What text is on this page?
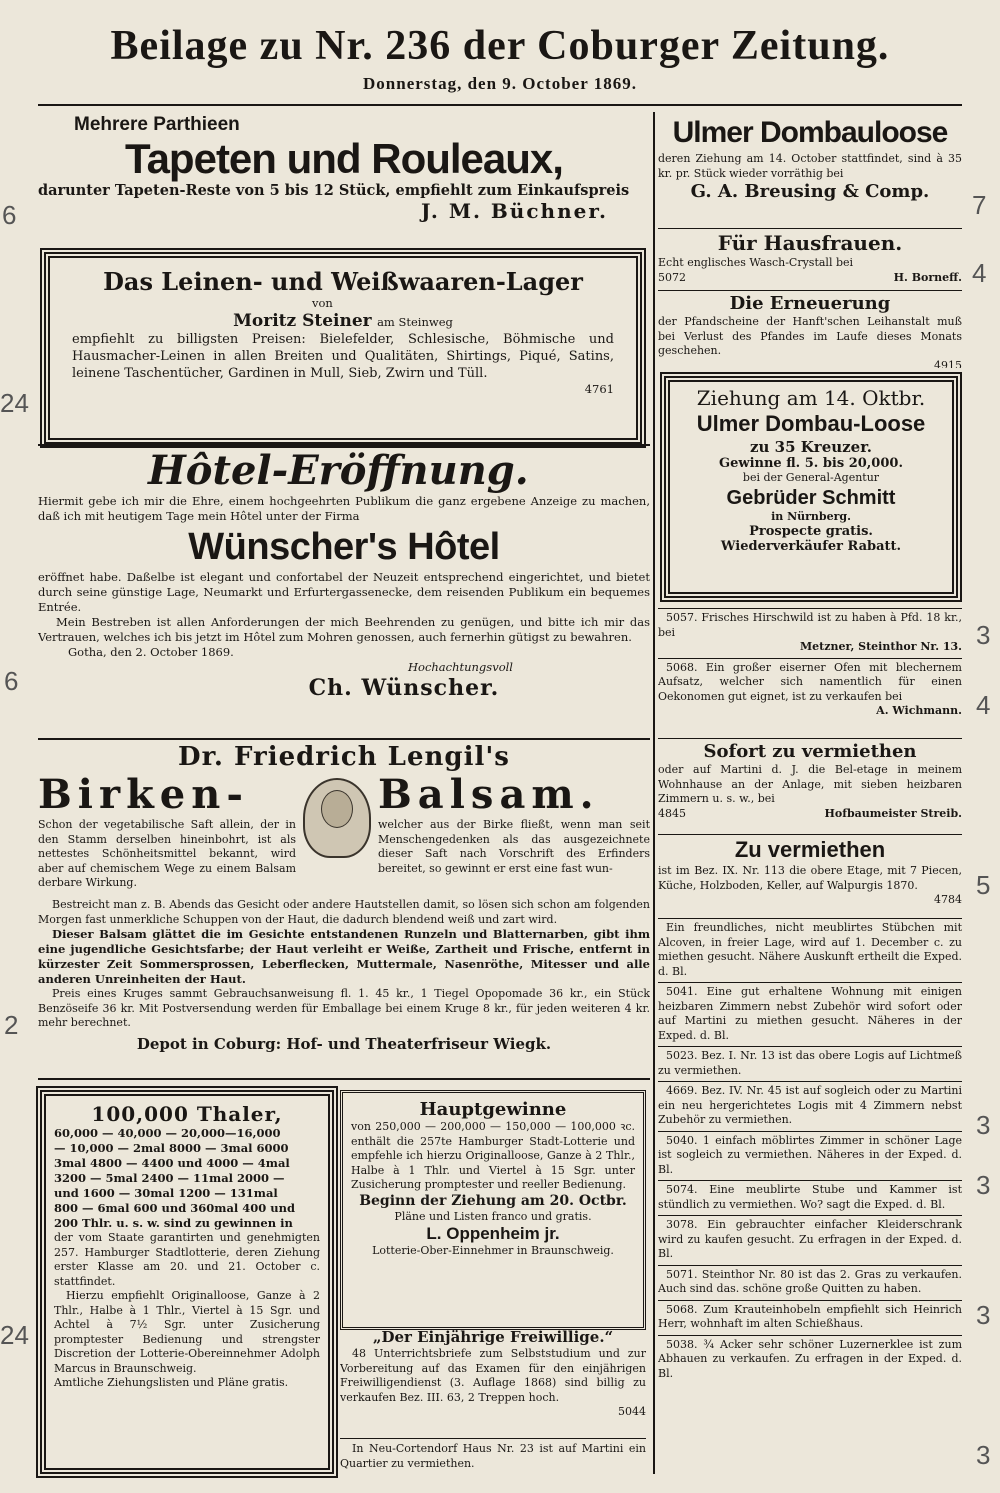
Beilage zu Nr. 236 der Coburger Zeitung.
Donnerstag, den 9. October 1869.

Mehrere Parthieen

Tapeten und Rouleaux,

darunter Tapeten-Reste von 5 bis 12 Stück, empfiehlt zum Einkaufspreis

J. M. Büchner.

Das Leinen- und Weißwaaren-Lager

von

Moritz Steiner am Steinweg

empfiehlt zu billigsten Preisen: Bielefelder, Schlesische, Böhmische und Hausmacher-Leinen in allen Breiten und Qualitäten, Shirtings, Piqué, Satins, leinene Taschentücher, Gardinen in Mull, Sieb, Zwirn und Tüll.

4761

Hôtel-Eröffnung.

Hiermit gebe ich mir die Ehre, einem hochgeehrten Publikum die ganz ergebene Anzeige zu machen, daß ich mit heutigem Tage mein Hôtel unter der Firma

Wünscher's Hôtel

eröffnet habe. Daßelbe ist elegant und confortabel der Neuzeit entsprechend eingerichtet, und bietet durch seine günstige Lage, Neumarkt und Erfurtergassenecke, dem reisenden Publikum ein bequemes Entrée.

Mein Bestreben ist allen Anforderungen der mich Beehrenden zu genügen, und bitte ich mir das Vertrauen, welches ich bis jetzt im Hôtel zum Mohren genossen, auch fernerhin gütigst zu bewahren.

Gotha, den 2. October 1869.

Hochachtungsvoll

Ch. Wünscher.

Dr. Friedrich Lengil's

Birken-

Schon der vegetabilische Saft allein, der in den Stamm derselben hineinbohrt, ist als nettestes Schönheitsmittel bekannt, wird aber auf chemischem Wege zu einem Balsam derbare Wirkung.

Balsam.

welcher aus der Birke fließt, wenn man seit Menschengedenken als das ausgezeichnete dieser Saft nach Vorschrift des Erfinders bereitet, so gewinnt er erst eine fast wun-

Bestreicht man z. B. Abends das Gesicht oder andere Hautstellen damit, so lösen sich schon am folgenden Morgen fast unmerkliche Schuppen von der Haut, die dadurch blendend weiß und zart wird.

Dieser Balsam glättet die im Gesichte entstandenen Runzeln und Blatternarben, gibt ihm eine jugendliche Gesichtsfarbe; der Haut verleiht er Weiße, Zartheit und Frische, entfernt in kürzester Zeit Sommersprossen, Leberflecken, Muttermale, Nasenröthe, Mitesser und alle anderen Unreinheiten der Haut.

Preis eines Kruges sammt Gebrauchsanweisung fl. 1. 45 kr., 1 Tiegel Opopomade 36 kr., ein Stück Benzöseife 36 kr. Mit Postversendung werden für Emballage bei einem Kruge 8 kr., für jeden weiteren 4 kr. mehr berechnet.

Depot in Coburg: Hof- und Theaterfriseur Wiegk.

100,000 Thaler,

60,000 — 40,000 — 20,000—16,000

— 10,000 — 2mal 8000 — 3mal 6000

3mal 4800 — 4400 und 4000 — 4mal

3200 — 5mal 2400 — 11mal 2000 —

und 1600 — 30mal 1200 — 131mal

800 — 6mal 600 und 360mal 400 und

200 Thlr. u. s. w. sind zu gewinnen in

der vom Staate garantirten und genehmigten 257. Hamburger Stadtlotterie, deren Ziehung erster Klasse am 20. und 21. October c. stattfindet.

Hierzu empfiehlt Originalloose, Ganze à 2 Thlr., Halbe à 1 Thlr., Viertel à 15 Sgr. und Achtel à 7½ Sgr. unter Zusicherung promptester Bedienung und strengster Discretion der Lotterie-Obereinnehmer Adolph Marcus in Braunschweig.

Amtliche Ziehungslisten und Pläne gratis.

Hauptgewinne

von 250,000 — 200,000 — 150,000 — 100,000 ꝛc. enthält die 257te Hamburger Stadt-Lotterie und empfehle ich hierzu Originalloose, Ganze à 2 Thlr., Halbe à 1 Thlr. und Viertel à 15 Sgr. unter Zusicherung promptester und reeller Bedienung.

Beginn der Ziehung am 20. Octbr.

Pläne und Listen franco und gratis.

L. Oppenheim jr.

Lotterie-Ober-Einnehmer in Braunschweig.

„Der Einjährige Freiwillige.“

48 Unterrichtsbriefe zum Selbststudium und zur Vorbereitung auf das Examen für den einjährigen Freiwilligendienst (3. Auflage 1868) sind billig zu verkaufen Bez. III. 63, 2 Treppen hoch.

5044

In Neu-Cortendorf Haus Nr. 23 ist auf Martini ein Quartier zu vermiethen.

Ulmer Dombauloose

deren Ziehung am 14. October stattfindet, sind à 35 kr. pr. Stück wieder vorräthig bei

G. A. Breusing & Comp.

Für Hausfrauen.

Echt englisches Wasch-Crystall bei

5072	H. Borneff.

Die Erneuerung

der Pfandscheine der Hanft'schen Leihanstalt muß bei Verlust des Pfandes im Laufe dieses Monats geschehen.

4915

Ziehung am 14. Oktbr.

Ulmer Dombau-Loose

zu 35 Kreuzer.

Gewinne fl. 5. bis 20,000.

bei der General-Agentur

Gebrüder Schmitt

in Nürnberg.

Prospecte gratis.

Wiederverkäufer Rabatt.

5057. Frisches Hirschwild ist zu haben à Pfd. 18 kr., bei

Metzner, Steinthor Nr. 13.

5068. Ein großer eiserner Ofen mit blechernem Aufsatz, welcher sich namentlich für einen Oekonomen gut eignet, ist zu verkaufen bei

A. Wichmann.

Sofort zu vermiethen

oder auf Martini d. J. die Bel-etage in meinem Wohnhause an der Anlage, mit sieben heizbaren Zimmern u. s. w., bei

4845	Hofbaumeister Streib.

Zu vermiethen

ist im Bez. IX. Nr. 113 die obere Etage, mit 7 Piecen, Küche, Holzboden, Keller, auf Walpurgis 1870.

4784

Ein freundliches, nicht meublirtes Stübchen mit Alcoven, in freier Lage, wird auf 1. December c. zu miethen gesucht. Nähere Auskunft ertheilt die Exped. d. Bl.

5041. Eine gut erhaltene Wohnung mit einigen heizbaren Zimmern nebst Zubehör wird sofort oder auf Martini zu miethen gesucht. Näheres in der Exped. d. Bl.

5023. Bez. I. Nr. 13 ist das obere Logis auf Lichtmeß zu vermiethen.

4669. Bez. IV. Nr. 45 ist auf sogleich oder zu Martini ein neu hergerichtetes Logis mit 4 Zimmern nebst Zubehör zu vermiethen.

5040. 1 einfach möblirtes Zimmer in schöner Lage ist sogleich zu vermiethen. Näheres in der Exped. d. Bl.

5074. Eine meublirte Stube und Kammer ist stündlich zu vermiethen. Wo? sagt die Exped. d. Bl.

3078. Ein gebrauchter einfacher Kleiderschrank wird zu kaufen gesucht. Zu erfragen in der Exped. d. Bl.

5071. Steinthor Nr. 80 ist das 2. Gras zu verkaufen. Auch sind das. schöne große Quitten zu haben.

5068. Zum Krauteinhobeln empfiehlt sich Heinrich Herr, wohnhaft im alten Schießhaus.

5038. ¾ Acker sehr schöner Luzernerklee ist zum Abhauen zu verkaufen. Zu erfragen in der Exped. d. Bl.

6
24
6
2
24
7
4
3
4
5
3
3
3
3
